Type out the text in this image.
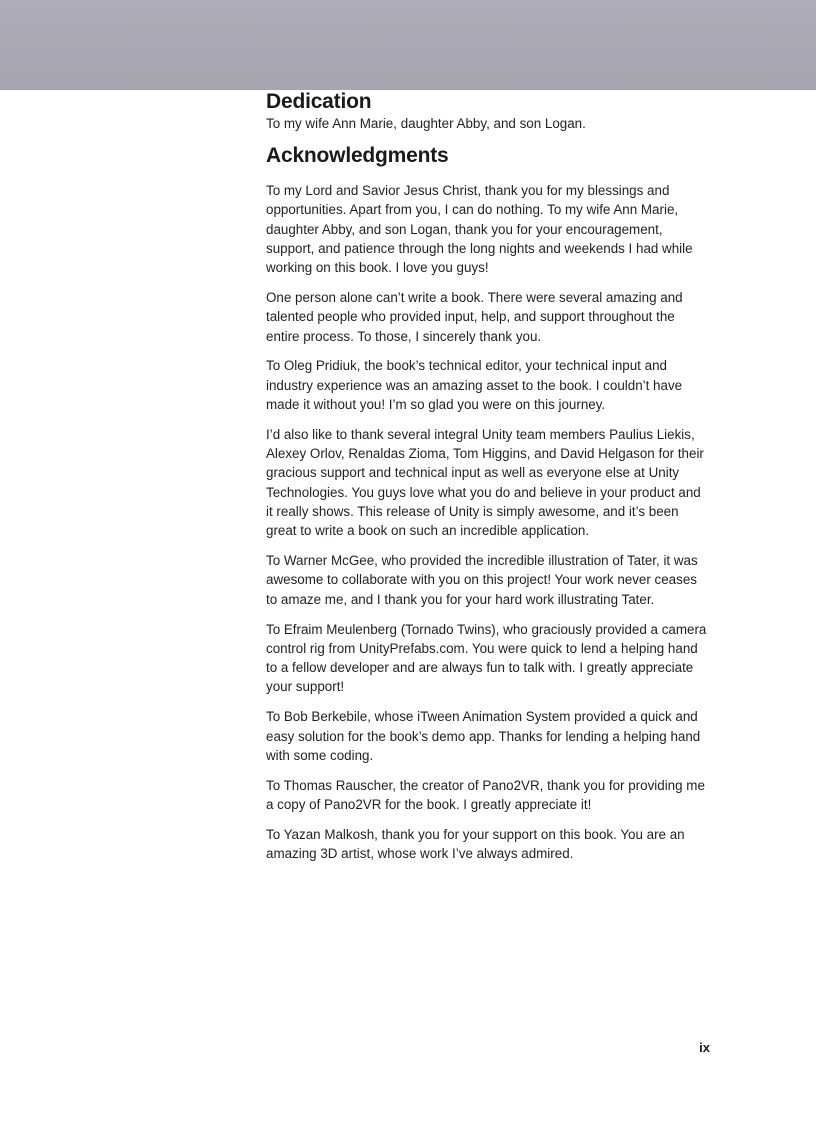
Dedication

To my wife Ann Marie, daughter Abby, and son Logan.

Acknowledgments

To my Lord and Savior Jesus Christ, thank you for my blessings and opportunities. Apart from you, I can do nothing. To my wife Ann Marie, daughter Abby, and son Logan, thank you for your encouragement, support, and patience through the long nights and weekends I had while working on this book. I love you guys!

One person alone can’t write a book. There were several amazing and talented people who provided input, help, and support throughout the entire process. To those, I sincerely thank you.

To Oleg Pridiuk, the book’s technical editor, your technical input and industry experience was an amazing asset to the book. I couldn’t have made it without you! I’m so glad you were on this journey.

I’d also like to thank several integral Unity team members Paulius Liekis, Alexey Orlov, Renaldas Zioma, Tom Higgins, and David Helgason for their gracious support and technical input as well as everyone else at Unity Technologies. You guys love what you do and believe in your product and it really shows. This release of Unity is simply awesome, and it’s been great to write a book on such an incredible application.

To Warner McGee, who provided the incredible illustration of Tater, it was awesome to collaborate with you on this project! Your work never ceases to amaze me, and I thank you for your hard work illustrating Tater.

To Efraim Meulenberg (Tornado Twins), who graciously provided a camera control rig from UnityPrefabs.com. You were quick to lend a helping hand to a fellow developer and are always fun to talk with. I greatly appreciate your support!

To Bob Berkebile, whose iTween Animation System provided a quick and easy solution for the book’s demo app. Thanks for lending a helping hand with some coding.

To Thomas Rauscher, the creator of Pano2VR, thank you for providing me a copy of Pano2VR for the book. I greatly appreciate it!

To Yazan Malkosh, thank you for your support on this book. You are an amazing 3D artist, whose work I’ve always admired.

ix
